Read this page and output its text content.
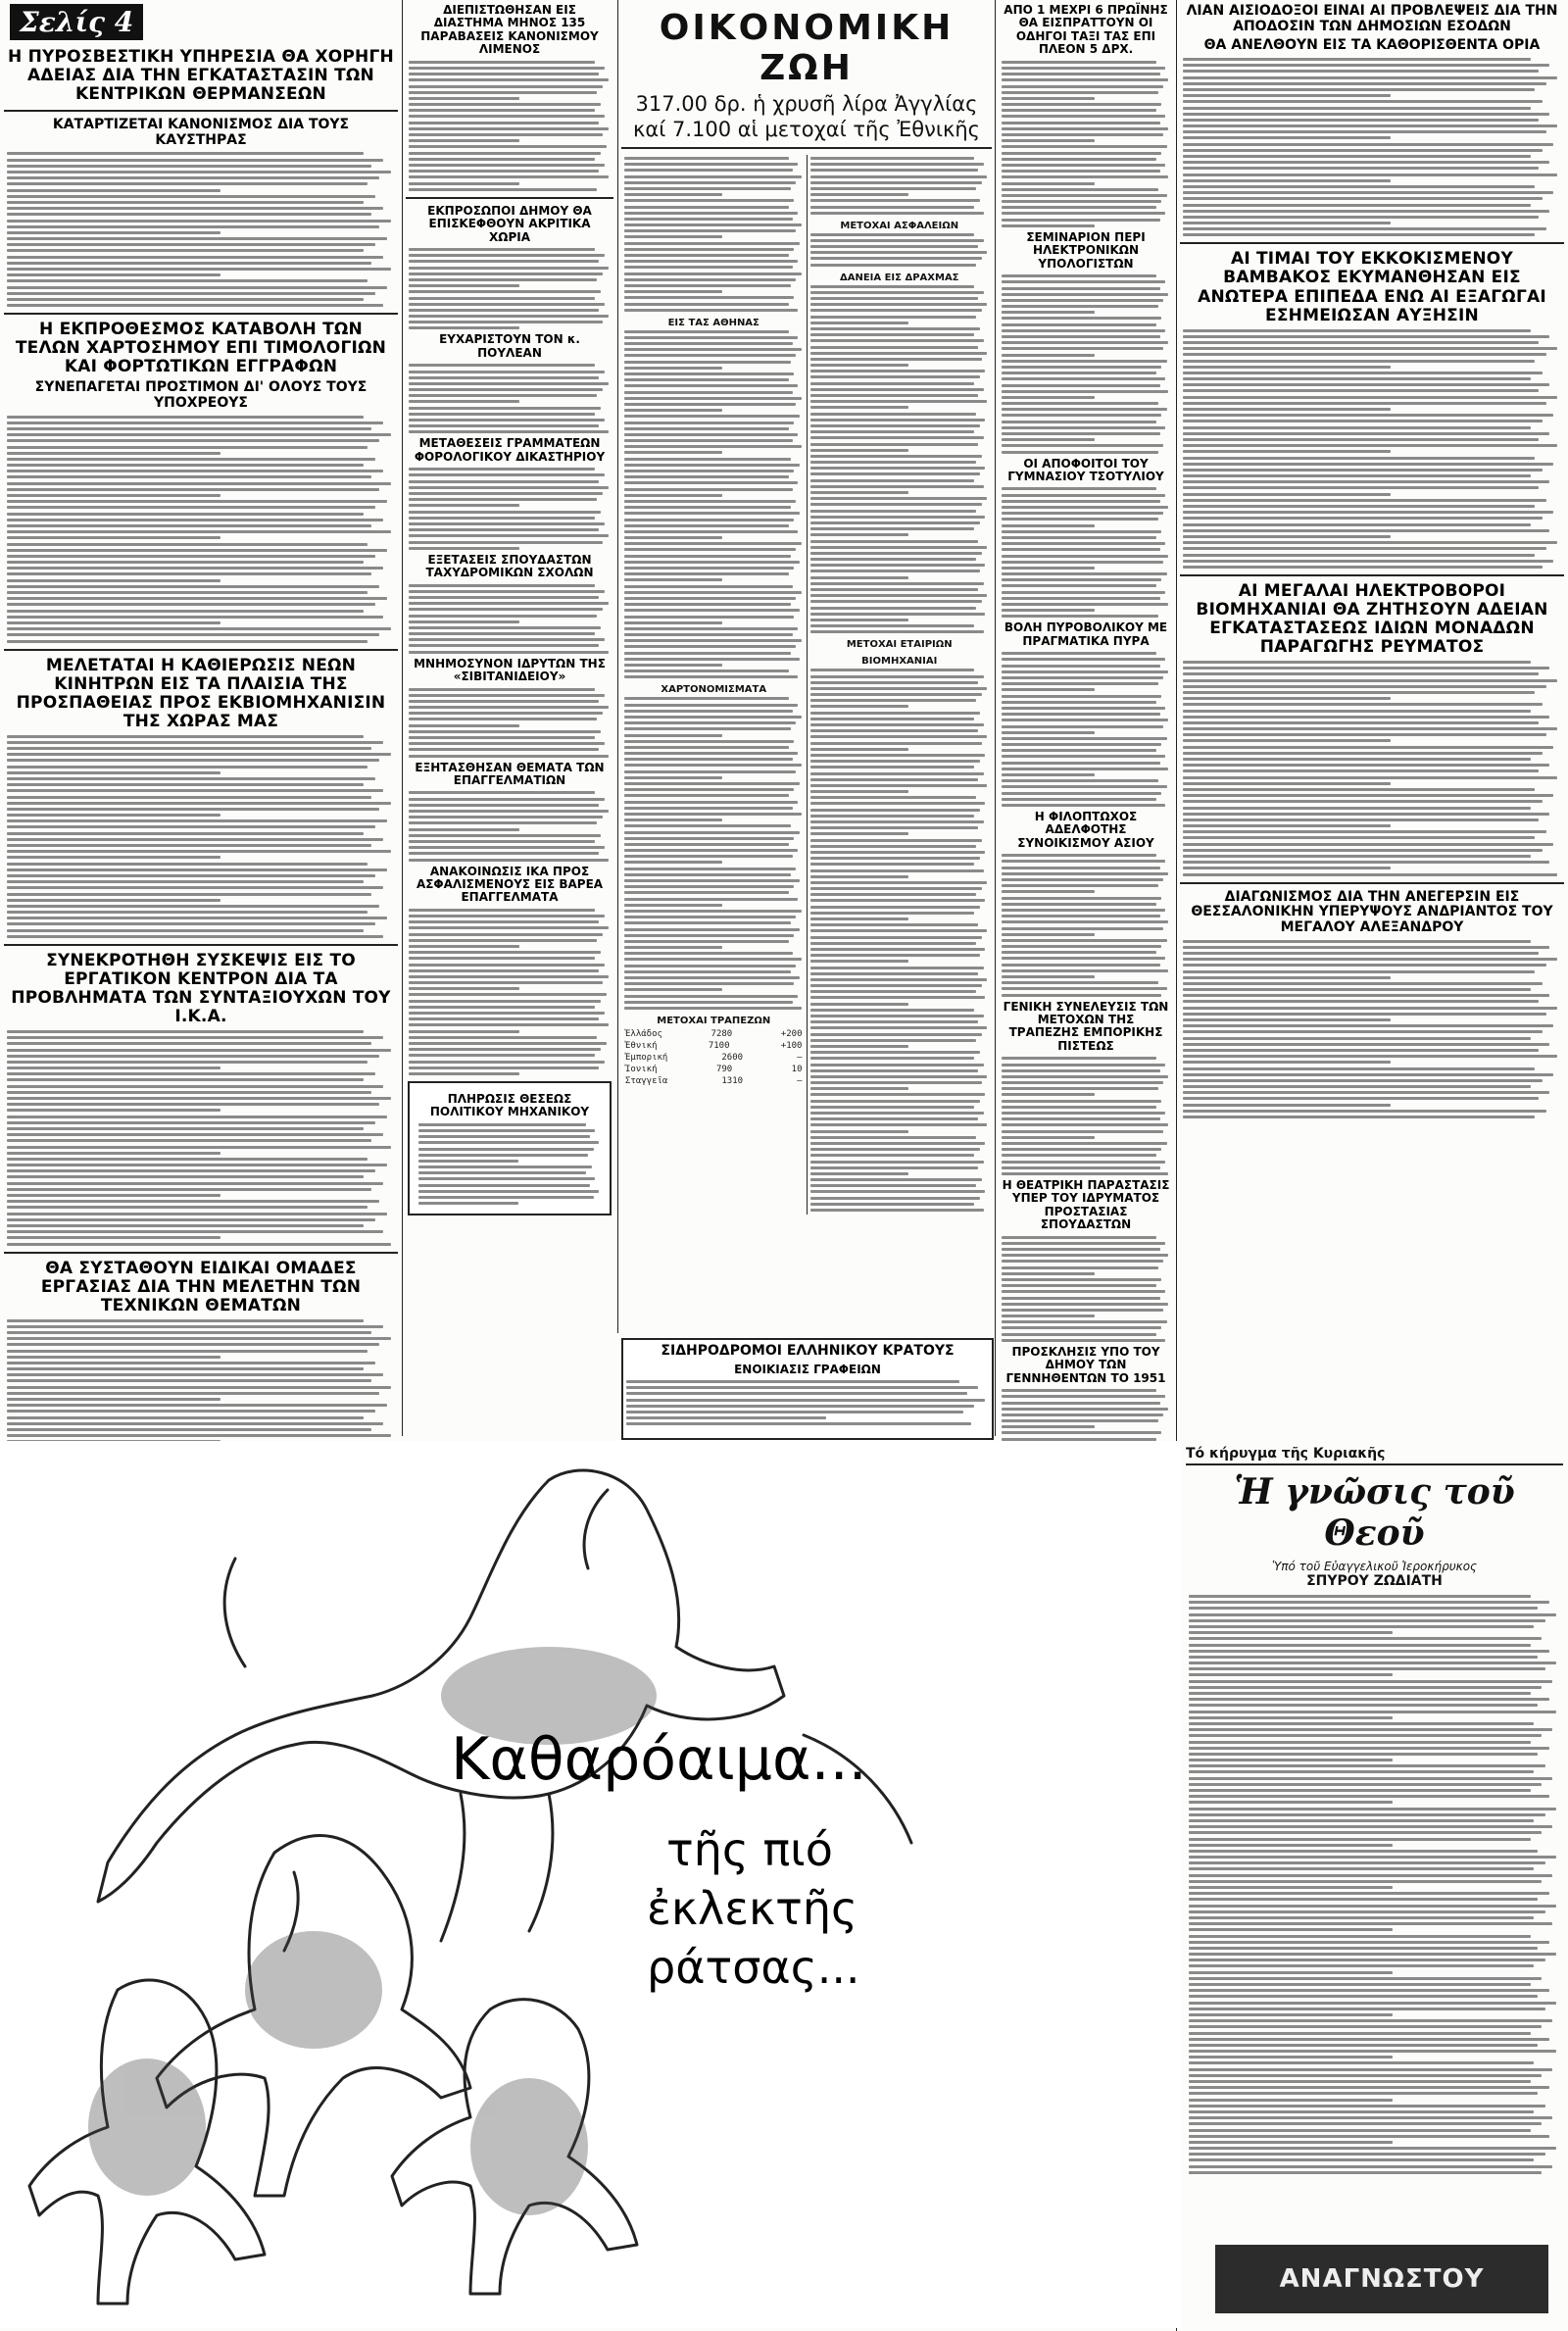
Σελίς 4
Η ΠΥΡΟΣΒΕΣΤΙΚΗ ΥΠΗΡΕΣΙΑ ΘΑ ΧΟΡΗΓΗ ΑΔΕΙΑΣ ΔΙΑ ΤΗΝ ΕΓΚΑΤΑΣΤΑΣΙΝ ΤΩΝ ΚΕΝΤΡΙΚΩΝ ΘΕΡΜΑΝΣΕΩΝ
ΚΑΤΑΡΤΙΖΕΤΑΙ ΚΑΝΟΝΙΣΜΟΣ ΔΙΑ ΤΟΥΣ ΚΑΥΣΤΗΡΑΣ
Η ΕΚΠΡΟΘΕΣΜΟΣ ΚΑΤΑΒΟΛΗ ΤΩΝ ΤΕΛΩΝ ΧΑΡΤΟΣΗΜΟΥ ΕΠΙ ΤΙΜΟΛΟΓΙΩΝ ΚΑΙ ΦΟΡΤΩΤΙΚΩΝ ΕΓΓΡΑΦΩΝ
ΣΥΝΕΠΑΓΕΤΑΙ ΠΡΟΣΤΙΜΟΝ ΔΙ' ΟΛΟΥΣ ΤΟΥΣ ΥΠΟΧΡΕΟΥΣ
ΜΕΛΕΤΑΤΑΙ Η ΚΑΘΙΕΡΩΣΙΣ ΝΕΩΝ ΚΙΝΗΤΡΩΝ ΕΙΣ ΤΑ ΠΛΑΙΣΙΑ ΤΗΣ ΠΡΟΣΠΑΘΕΙΑΣ ΠΡΟΣ ΕΚΒΙΟΜΗΧΑΝΙΣΙΝ ΤΗΣ ΧΩΡΑΣ ΜΑΣ
ΣΥΝΕΚΡΟΤΗΘΗ ΣΥΣΚΕΨΙΣ ΕΙΣ ΤΟ ΕΡΓΑΤΙΚΟΝ ΚΕΝΤΡΟΝ ΔΙΑ ΤΑ ΠΡΟΒΛΗΜΑΤΑ ΤΩΝ ΣΥΝΤΑΞΙΟΥΧΩΝ ΤΟΥ Ι.Κ.Α.
ΘΑ ΣΥΣΤΑΘΟΥΝ ΕΙΔΙΚΑΙ ΟΜΑΔΕΣ ΕΡΓΑΣΙΑΣ ΔΙΑ ΤΗΝ ΜΕΛΕΤΗΝ ΤΩΝ ΤΕΧΝΙΚΩΝ ΘΕΜΑΤΩΝ
ΔΙΕΠΙΣΤΩΘΗΣΑΝ ΕΙΣ ΔΙΑΣΤΗΜΑ ΜΗΝΟΣ 135 ΠΑΡΑΒΑΣΕΙΣ ΚΑΝΟΝΙΣΜΟΥ ΛΙΜΕΝΟΣ
ΕΚΠΡΟΣΩΠΟΙ ΔΗΜΟΥ ΘΑ ΕΠΙΣΚΕΦΘΟΥΝ ΑΚΡΙΤΙΚΑ ΧΩΡΙΑ
ΕΥΧΑΡΙΣΤΟΥΝ ΤΟΝ κ. ΠΟΥΛΕΑΝ
ΜΕΤΑΘΕΣΕΙΣ ΓΡΑΜΜΑΤΕΩΝ ΦΟΡΟΛΟΓΙΚΟΥ ΔΙΚΑΣΤΗΡΙΟΥ
ΕΞΕΤΑΣΕΙΣ ΣΠΟΥΔΑΣΤΩΝ ΤΑΧΥΔΡΟΜΙΚΩΝ ΣΧΟΛΩΝ
ΜΝΗΜΟΣΥΝΟΝ ΙΔΡΥΤΩΝ ΤΗΣ «ΣΙΒΙΤΑΝΙΔΕΙΟΥ»
ΕΞΗΤΑΣΘΗΣΑΝ ΘΕΜΑΤΑ ΤΩΝ ΕΠΑΓΓΕΛΜΑΤΙΩΝ
ΑΝΑΚΟΙΝΩΣΙΣ ΙΚΑ ΠΡΟΣ ΑΣΦΑΛΙΣΜΕΝΟΥΣ ΕΙΣ ΒΑΡΕΑ ΕΠΑΓΓΕΛΜΑΤΑ
ΠΛΗΡΩΣΙΣ ΘΕΣΕΩΣ ΠΟΛΙΤΙΚΟΥ ΜΗΧΑΝΙΚΟΥ
ΟΙΚΟΝΟΜΙΚΗ ΖΩΗ
317.00 δρ. ἡ χρυσῆ λίρα Ἀγγλίας
καί 7.100 αἱ μετοχαί τῆς Ἐθνικῆς
ΕΙΣ ΤΑΣ ΑΘΗΝΑΣ
ΧΑΡΤΟΝΟΜΙΣΜΑΤΑ
ΜΕΤΟΧΑΙ ΤΡΑΠΕΖΩΝ
Ἑλλάδος	7280	+200
Ἐθνική	7100	+100
Ἐμπορική	2600	—
Ἰονική	790	10
Σταγγεῖα	1310	—
ΜΕΤΟΧΑΙ ΑΣΦΑΛΕΙΩΝ
ΔΑΝΕΙΑ ΕΙΣ ΔΡΑΧΜΑΣ
ΜΕΤΟΧΑΙ ΕΤΑΙΡΙΩΝ
ΒΙΟΜΗΧΑΝΙΑΙ
ΣΙΔΗΡΟΔΡΟΜΟΙ ΕΛΛΗΝΙΚΟΥ ΚΡΑΤΟΥΣ
ΕΝΟΙΚΙΑΣΙΣ ΓΡΑΦΕΙΩΝ
ΑΠΟ 1 ΜΕΧΡΙ 6 ΠΡΩΪΝΗΣ ΘΑ ΕΙΣΠΡΑΤΤΟΥΝ ΟΙ ΟΔΗΓΟΙ ΤΑΞΙ ΤΑΣ ΕΠΙ ΠΛΕΟΝ 5 ΔΡΧ.
ΣΕΜΙΝΑΡΙΟΝ ΠΕΡΙ ΗΛΕΚΤΡΟΝΙΚΩΝ ΥΠΟΛΟΓΙΣΤΩΝ
ΟΙ ΑΠΟΦΟΙΤΟΙ ΤΟΥ ΓΥΜΝΑΣΙΟΥ ΤΣΟΤΥΛΙΟΥ
ΒΟΛΗ ΠΥΡΟΒΟΛΙΚΟΥ ΜΕ ΠΡΑΓΜΑΤΙΚΑ ΠΥΡΑ
Η ΦΙΛΟΠΤΩΧΟΣ ΑΔΕΛΦΟΤΗΣ ΣΥΝΟΙΚΙΣΜΟΥ ΑΣΙΟΥ
ΓΕΝΙΚΗ ΣΥΝΕΛΕΥΣΙΣ ΤΩΝ ΜΕΤΟΧΩΝ ΤΗΣ ΤΡΑΠΕΖΗΣ ΕΜΠΟΡΙΚΗΣ ΠΙΣΤΕΩΣ
Η ΘΕΑΤΡΙΚΗ ΠΑΡΑΣΤΑΣΙΣ ΥΠΕΡ ΤΟΥ ΙΔΡΥΜΑΤΟΣ ΠΡΟΣΤΑΣΙΑΣ ΣΠΟΥΔΑΣΤΩΝ
ΠΡΟΣΚΛΗΣΙΣ ΥΠΟ ΤΟΥ ΔΗΜΟΥ ΤΩΝ ΓΕΝΝΗΘΕΝΤΩΝ ΤΟ 1951
ΛΙΑΝ ΑΙΣΙΟΔΟΞΟΙ ΕΙΝΑΙ ΑΙ ΠΡΟΒΛΕΨΕΙΣ ΔΙΑ ΤΗΝ ΑΠΟΔΟΣΙΝ ΤΩΝ ΔΗΜΟΣΙΩΝ ΕΣΟΔΩΝ
ΘΑ ΑΝΕΛΘΟΥΝ ΕΙΣ ΤΑ ΚΑΘΟΡΙΣΘΕΝΤΑ ΟΡΙΑ
ΑΙ ΤΙΜΑΙ ΤΟΥ ΕΚΚΟΚΙΣΜΕΝΟΥ ΒΑΜΒΑΚΟΣ ΕΚΥΜΑΝΘΗΣΑΝ ΕΙΣ ΑΝΩΤΕΡΑ ΕΠΙΠΕΔΑ ΕΝΩ ΑΙ ΕΞΑΓΩΓΑΙ ΕΣΗΜΕΙΩΣΑΝ ΑΥΞΗΣΙΝ
ΑΙ ΜΕΓΑΛΑΙ ΗΛΕΚΤΡΟΒΟΡΟΙ ΒΙΟΜΗΧΑΝΙΑΙ ΘΑ ΖΗΤΗΣΟΥΝ ΑΔΕΙΑΝ ΕΓΚΑΤΑΣΤΑΣΕΩΣ ΙΔΙΩΝ ΜΟΝΑΔΩΝ ΠΑΡΑΓΩΓΗΣ ΡΕΥΜΑΤΟΣ
ΔΙΑΓΩΝΙΣΜΟΣ ΔΙΑ ΤΗΝ ΑΝΕΓΕΡΣΙΝ ΕΙΣ ΘΕΣΣΑΛΟΝΙΚΗΝ ΥΠΕΡΥΨΟΥΣ ΑΝΔΡΙΑΝΤΟΣ ΤΟΥ ΜΕΓΑΛΟΥ ΑΛΕΞΑΝΔΡΟΥ
Καθαρόαιμα...
τῆς πιό
ἐκλεκτῆς
ράτσας...
Τό κήρυγμα τῆς Κυριακῆς
Ἡ γνῶσις τοῦ Θεοῦ
Ὑπό τοῦ Εὐαγγελικοῦ Ἱεροκήρυκος
ΣΠΥΡΟΥ ΖΩΔΙΑΤΗ
ΑΝΑΓΝΩΣΤΟΥ
